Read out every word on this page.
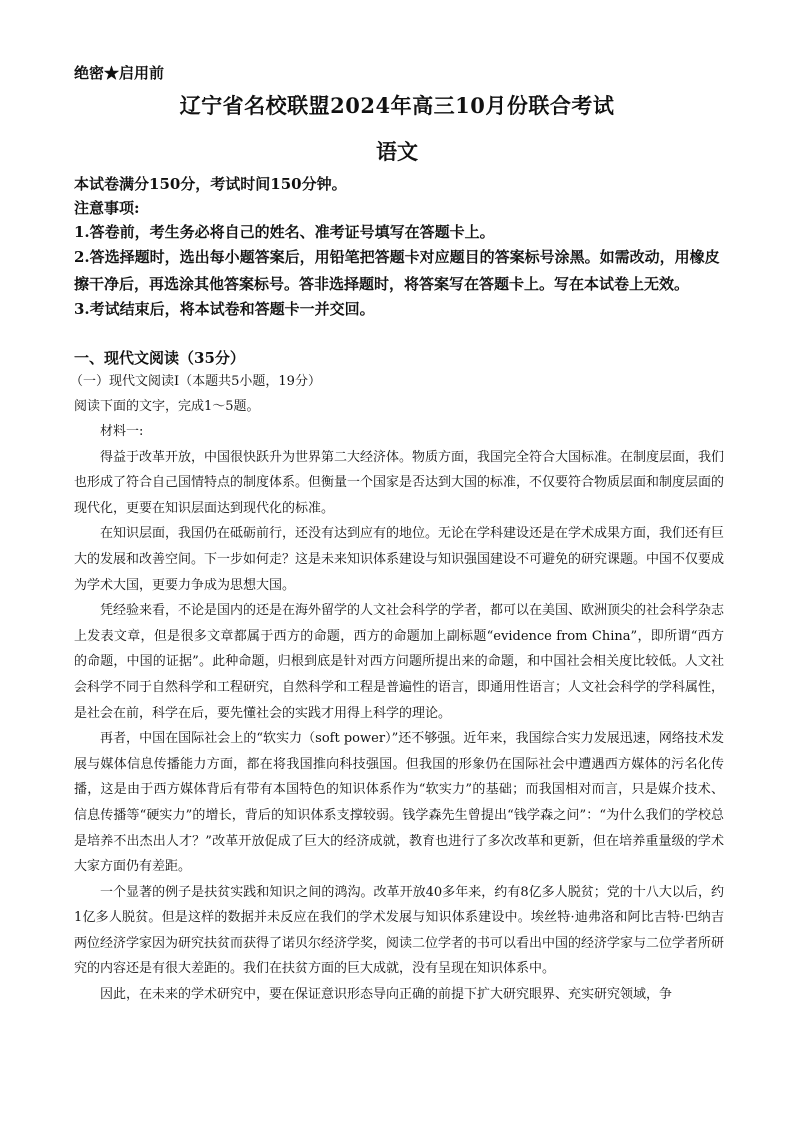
绝密★启用前
辽宁省名校联盟2024年高三10月份联合考试
语文
本试卷满分150分，考试时间150分钟。
注意事项:
1.答卷前，考生务必将自己的姓名、准考证号填写在答题卡上。
2.答选择题时，选出每小题答案后，用铅笔把答题卡对应题目的答案标号涂黑。如需改动，用橡皮擦干净后，再选涂其他答案标号。答非选择题时，将答案写在答题卡上。写在本试卷上无效。
3.考试结束后，将本试卷和答题卡一并交回。
一、现代文阅读（35分）
（一）现代文阅读Ⅰ（本题共5小题，19分）
阅读下面的文字，完成1～5题。
材料一:

得益于改革开放，中国很快跃升为世界第二大经济体。物质方面，我国完全符合大国标准。在制度层面，我们也形成了符合自己国情特点的制度体系。但衡量一个国家是否达到大国的标准，不仅要符合物质层面和制度层面的现代化，更要在知识层面达到现代化的标准。

在知识层面，我国仍在砥砺前行，还没有达到应有的地位。无论在学科建设还是在学术成果方面，我们还有巨大的发展和改善空间。下一步如何走？这是未来知识体系建设与知识强国建设不可避免的研究课题。中国不仅要成为学术大国，更要力争成为思想大国。

凭经验来看，不论是国内的还是在海外留学的人文社会科学的学者，都可以在美国、欧洲顶尖的社会科学杂志上发表文章，但是很多文章都属于西方的命题，西方的命题加上副标题“evidence from China”，即所谓“西方的命题，中国的证据”。此种命题，归根到底是针对西方问题所提出来的命题，和中国社会相关度比较低。人文社会科学不同于自然科学和工程研究，自然科学和工程是普遍性的语言，即通用性语言；人文社会科学的学科属性，是社会在前，科学在后，要先懂社会的实践才用得上科学的理论。

再者，中国在国际社会上的“软实力（soft power）”还不够强。近年来，我国综合实力发展迅速，网络技术发展与媒体信息传播能力方面，都在将我国推向科技强国。但我国的形象仍在国际社会中遭遇西方媒体的污名化传播，这是由于西方媒体背后有带有本国特色的知识体系作为“软实力”的基础；而我国相对而言，只是媒介技术、信息传播等“硬实力”的增长，背后的知识体系支撑较弱。钱学森先生曾提出“钱学森之问”：“为什么我们的学校总是培养不出杰出人才？”改革开放促成了巨大的经济成就，教育也进行了多次改革和更新，但在培养重量级的学术大家方面仍有差距。

一个显著的例子是扶贫实践和知识之间的鸿沟。改革开放40多年来，约有8亿多人脱贫；党的十八大以后，约1亿多人脱贫。但是这样的数据并未反应在我们的学术发展与知识体系建设中。埃丝特·迪弗洛和阿比吉特·巴纳吉两位经济学家因为研究扶贫而获得了诺贝尔经济学奖，阅读二位学者的书可以看出中国的经济学家与二位学者所研究的内容还是有很大差距的。我们在扶贫方面的巨大成就，没有呈现在知识体系中。

因此，在未来的学术研究中，要在保证意识形态导向正确的前提下扩大研究眼界、充实研究领域，争
